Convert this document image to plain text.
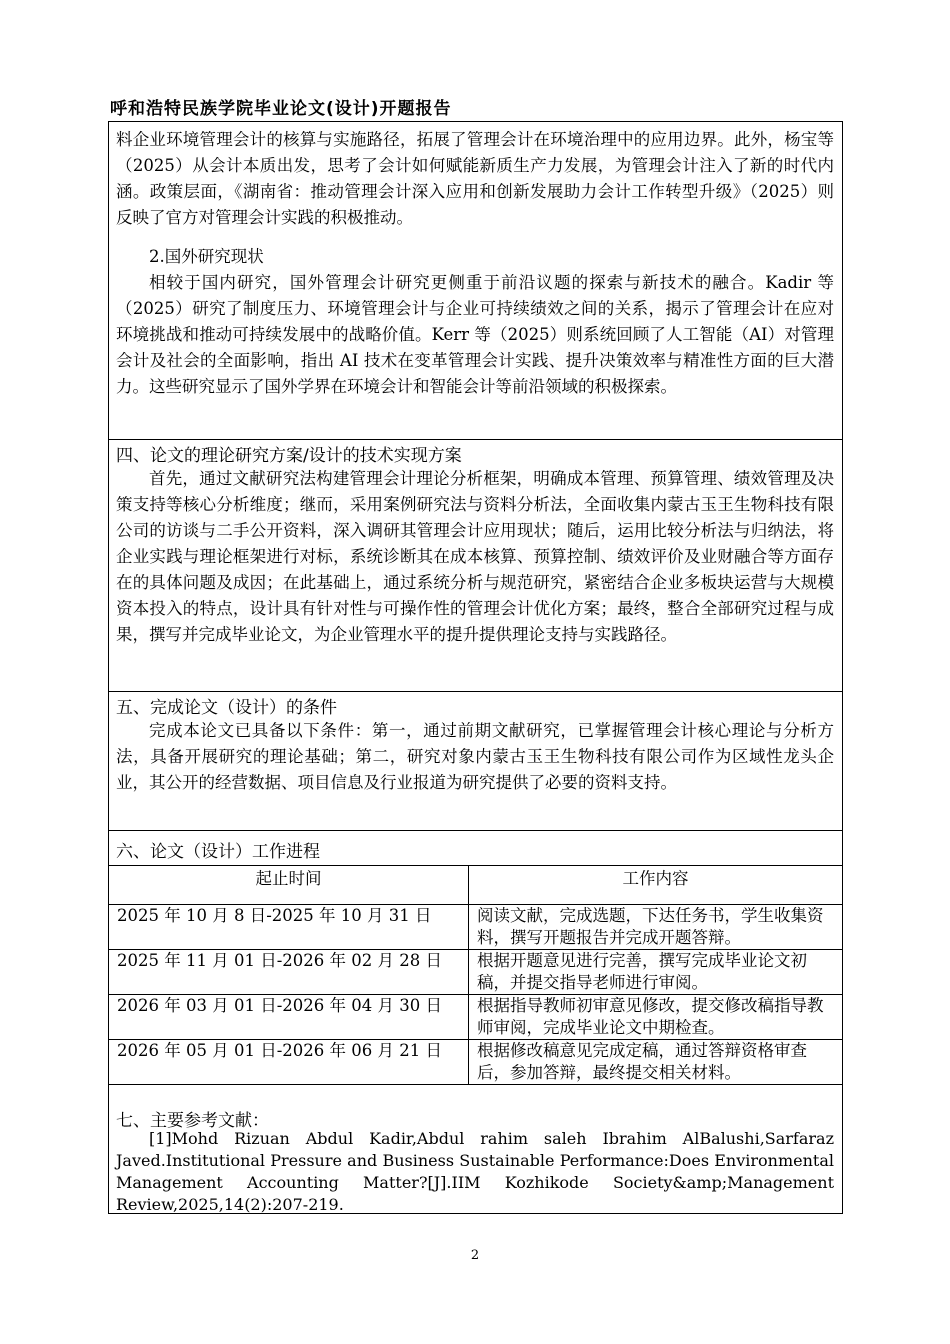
呼和浩特民族学院毕业论文(设计)开题报告
料企业环境管理会计的核算与实施路径，拓展了管理会计在环境治理中的应用边界。此外，杨宝等（2025）从会计本质出发，思考了会计如何赋能新质生产力发展，为管理会计注入了新的时代内涵。政策层面，《湖南省：推动管理会计深入应用和创新发展助力会计工作转型升级》（2025）则反映了官方对管理会计实践的积极推动。
2.国外研究现状
相较于国内研究，国外管理会计研究更侧重于前沿议题的探索与新技术的融合。Kadir 等（2025）研究了制度压力、环境管理会计与企业可持续绩效之间的关系，揭示了管理会计在应对环境挑战和推动可持续发展中的战略价值。Kerr 等（2025）则系统回顾了人工智能（AI）对管理会计及社会的全面影响，指出 AI 技术在变革管理会计实践、提升决策效率与精准性方面的巨大潜力。这些研究显示了国外学界在环境会计和智能会计等前沿领域的积极探索。
四、论文的理论研究方案/设计的技术实现方案
首先，通过文献研究法构建管理会计理论分析框架，明确成本管理、预算管理、绩效管理及决策支持等核心分析维度；继而，采用案例研究法与资料分析法，全面收集内蒙古玉王生物科技有限公司的访谈与二手公开资料，深入调研其管理会计应用现状；随后，运用比较分析法与归纳法，将企业实践与理论框架进行对标，系统诊断其在成本核算、预算控制、绩效评价及业财融合等方面存在的具体问题及成因；在此基础上，通过系统分析与规范研究，紧密结合企业多板块运营与大规模资本投入的特点，设计具有针对性与可操作性的管理会计优化方案；最终，整合全部研究过程与成果，撰写并完成毕业论文，为企业管理水平的提升提供理论支持与实践路径。
五、完成论文（设计）的条件
完成本论文已具备以下条件：第一，通过前期文献研究，已掌握管理会计核心理论与分析方法，具备开展研究的理论基础；第二，研究对象内蒙古玉王生物科技有限公司作为区域性龙头企业，其公开的经营数据、项目信息及行业报道为研究提供了必要的资料支持。
六、论文（设计）工作进程
起止时间	工作内容
2025 年 10 月 8 日-2025 年 10 月 31 日	阅读文献，完成选题，下达任务书，学生收集资料，撰写开题报告并完成开题答辩。
2025 年 11 月 01 日-2026 年 02 月 28 日	根据开题意见进行完善，撰写完成毕业论文初稿，并提交指导老师进行审阅。
2026 年 03 月 01 日-2026 年 04 月 30 日	根据指导教师初审意见修改，提交修改稿指导教师审阅，完成毕业论文中期检查。
2026 年 05 月 01 日-2026 年 06 月 21 日	根据修改稿意见完成定稿，通过答辩资格审查后，参加答辩，最终提交相关材料。
七、主要参考文献：
[1]Mohd Rizuan Abdul Kadir,Abdul rahim saleh Ibrahim AlBalushi,Sarfaraz Javed.Institutional Pressure and Business Sustainable Performance:Does Environmental Management Accounting Matter?[J].IIM Kozhikode Society&amp;Management Review,2025,14(2):207-219.
2
